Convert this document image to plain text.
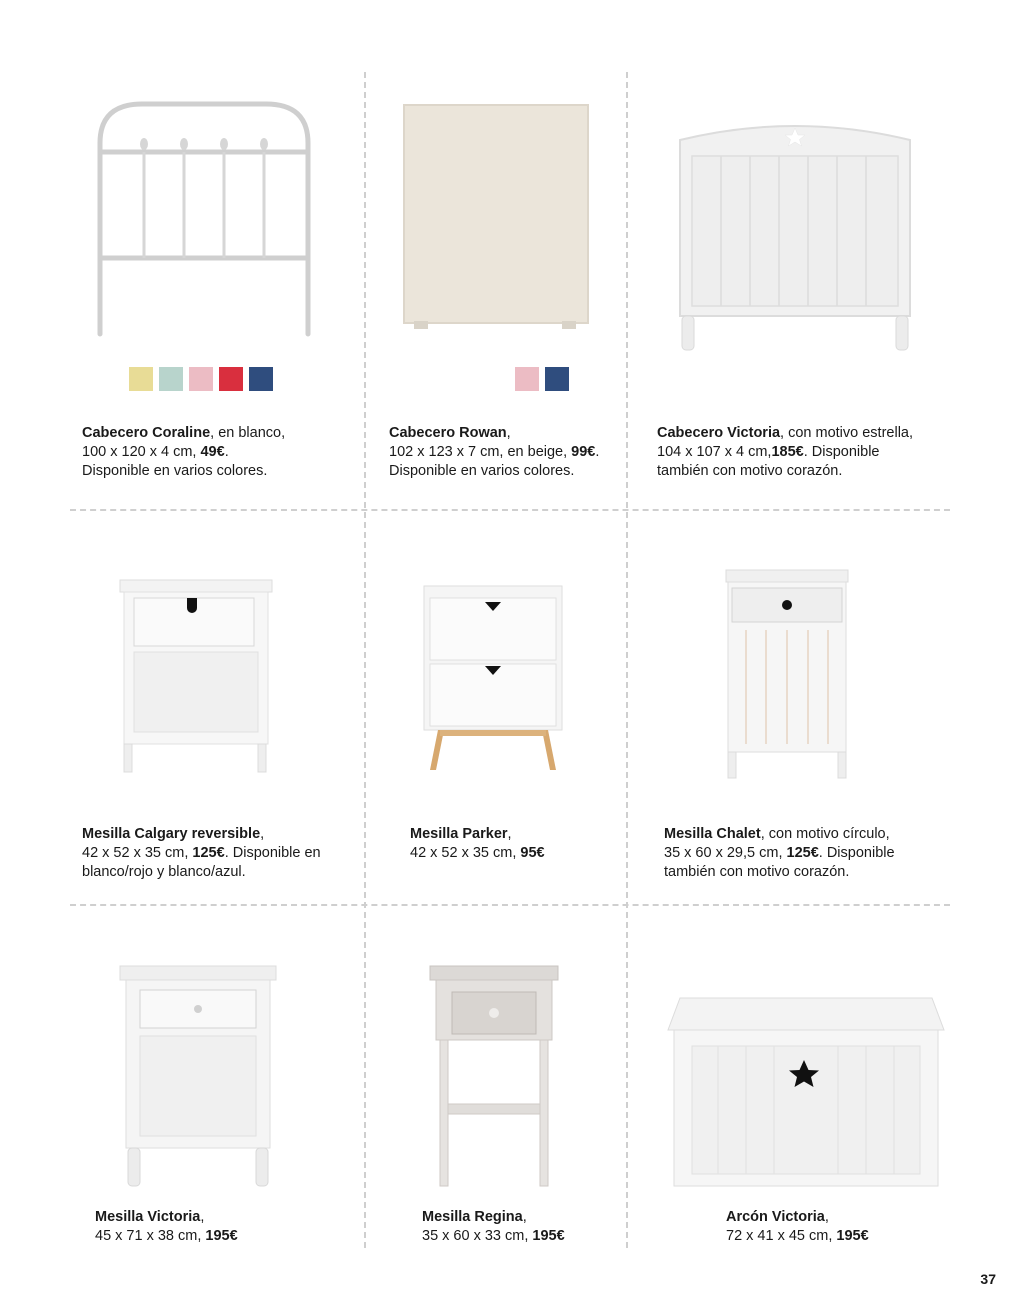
Cabecero Coraline, en blanco,
100 x 120 x 4 cm, 49€.
Disponible en varios colores.
Cabecero Rowan,
102 x 123 x 7 cm, en beige, 99€.
Disponible en varios colores.
Cabecero Victoria, con motivo estrella,
104 x 107 x 4 cm,185€. Disponible
también con motivo corazón.
Mesilla Calgary reversible,
42 x 52 x 35 cm, 125€. Disponible en
blanco/rojo y blanco/azul.
Mesilla Parker,
42 x 52 x 35 cm, 95€
Mesilla Chalet, con motivo círculo,
35 x 60 x 29,5 cm, 125€. Disponible
también con motivo corazón.
Mesilla Victoria,
45 x 71 x 38 cm, 195€
Mesilla Regina,
35 x 60 x 33 cm, 195€
Arcón Victoria,
72 x 41 x 45 cm, 195€
37
